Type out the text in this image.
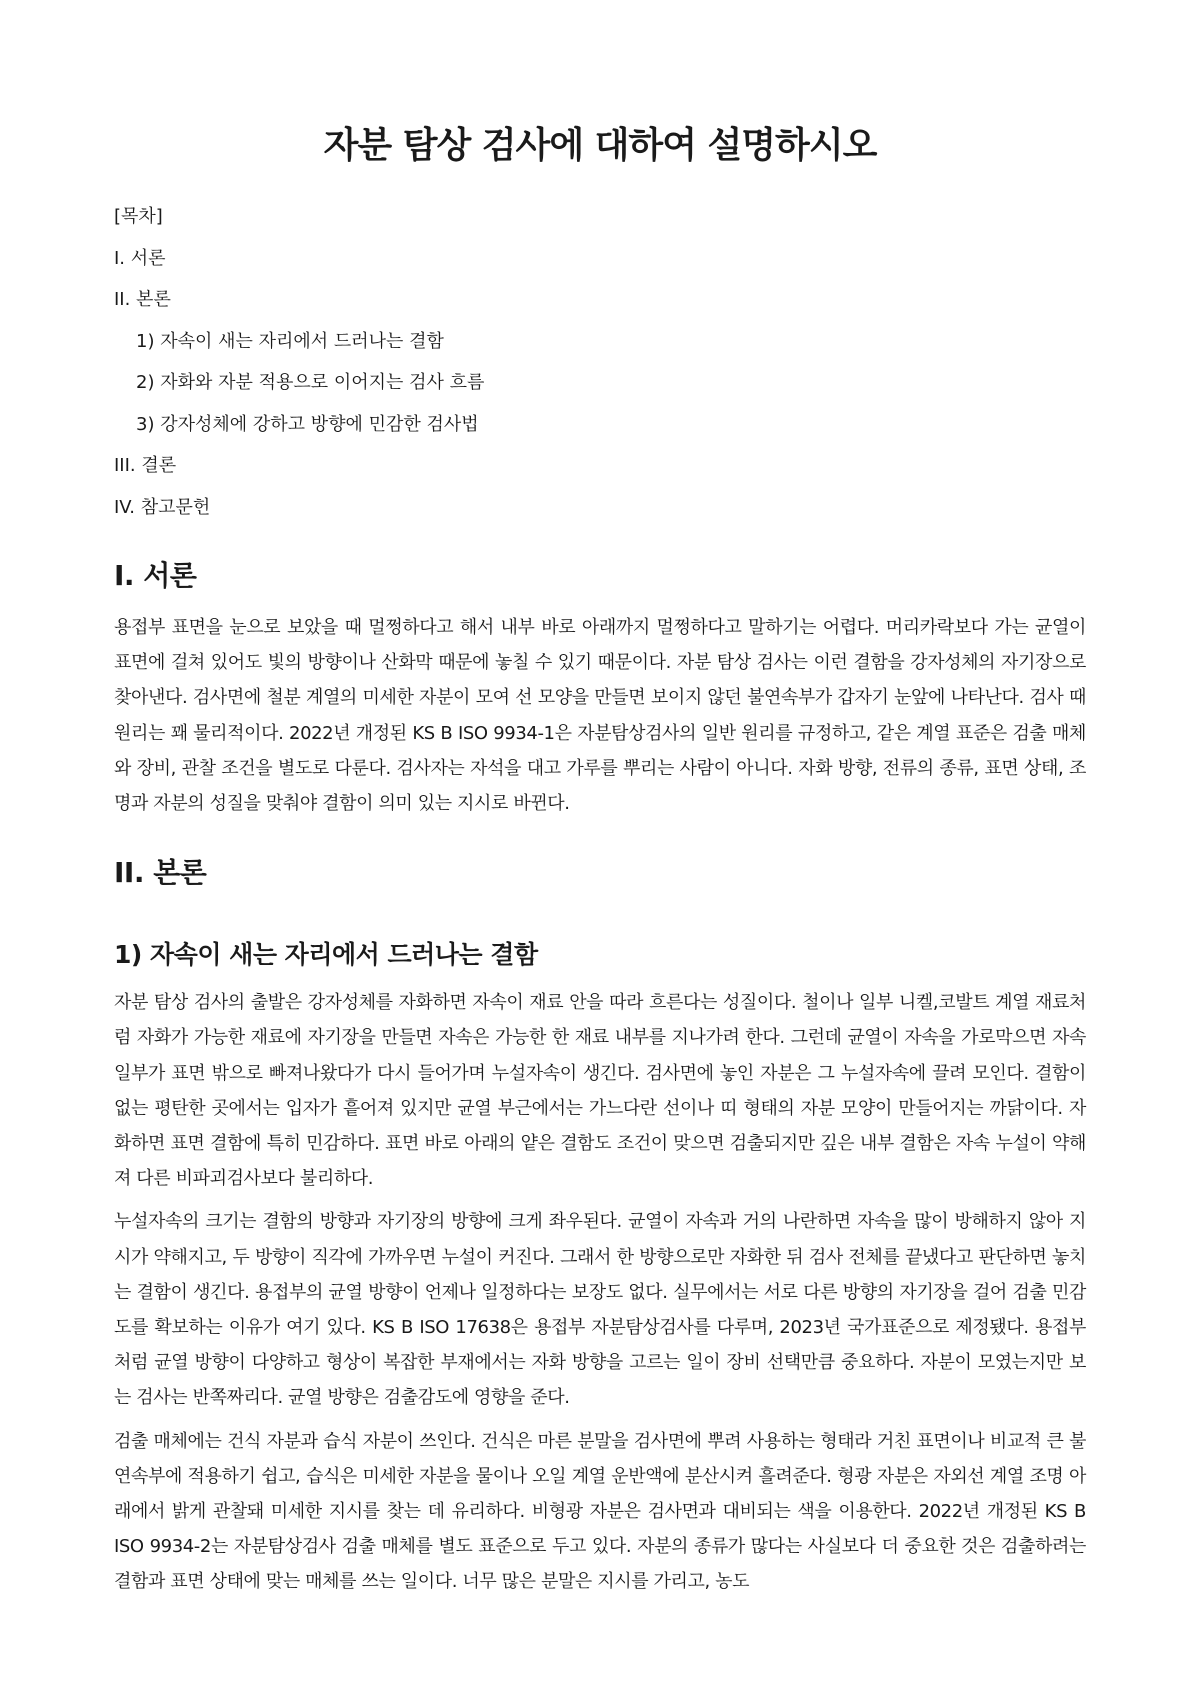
자분 탐상 검사에 대하여 설명하시오
[목차]
I. 서론
II. 본론
1) 자속이 새는 자리에서 드러나는 결함
2) 자화와 자분 적용으로 이어지는 검사 흐름
3) 강자성체에 강하고 방향에 민감한 검사법
III. 결론
IV. 참고문헌
I. 서론

용접부 표면을 눈으로 보았을 때 멀쩡하다고 해서 내부 바로 아래까지 멀쩡하다고 말하기는 어렵다. 머리카락보다 가는 균열이 표면에 걸쳐 있어도 빛의 방향이나 산화막 때문에 놓칠 수 있기 때문이다. 자분 탐상 검사는 이런 결함을 강자성체의 자기장으로 찾아낸다. 검사면에 철분 계열의 미세한 자분이 모여 선 모양을 만들면 보이지 않던 불연속부가 갑자기 눈앞에 나타난다. 검사 때 원리는 꽤 물리적이다. 2022년 개정된 KS B ISO 9934-1은 자분탐상검사의 일반 원리를 규정하고, 같은 계열 표준은 검출 매체와 장비, 관찰 조건을 별도로 다룬다. 검사자는 자석을 대고 가루를 뿌리는 사람이 아니다. 자화 방향, 전류의 종류, 표면 상태, 조명과 자분의 성질을 맞춰야 결함이 의미 있는 지시로 바뀐다.

II. 본론
1) 자속이 새는 자리에서 드러나는 결함

자분 탐상 검사의 출발은 강자성체를 자화하면 자속이 재료 안을 따라 흐른다는 성질이다. 철이나 일부 니켈,코발트 계열 재료처럼 자화가 가능한 재료에 자기장을 만들면 자속은 가능한 한 재료 내부를 지나가려 한다. 그런데 균열이 자속을 가로막으면 자속 일부가 표면 밖으로 빠져나왔다가 다시 들어가며 누설자속이 생긴다. 검사면에 놓인 자분은 그 누설자속에 끌려 모인다. 결함이 없는 평탄한 곳에서는 입자가 흩어져 있지만 균열 부근에서는 가느다란 선이나 띠 형태의 자분 모양이 만들어지는 까닭이다. 자화하면 표면 결함에 특히 민감하다. 표면 바로 아래의 얕은 결함도 조건이 맞으면 검출되지만 깊은 내부 결함은 자속 누설이 약해져 다른 비파괴검사보다 불리하다.

누설자속의 크기는 결함의 방향과 자기장의 방향에 크게 좌우된다. 균열이 자속과 거의 나란하면 자속을 많이 방해하지 않아 지시가 약해지고, 두 방향이 직각에 가까우면 누설이 커진다. 그래서 한 방향으로만 자화한 뒤 검사 전체를 끝냈다고 판단하면 놓치는 결함이 생긴다. 용접부의 균열 방향이 언제나 일정하다는 보장도 없다. 실무에서는 서로 다른 방향의 자기장을 걸어 검출 민감도를 확보하는 이유가 여기 있다. KS B ISO 17638은 용접부 자분탐상검사를 다루며, 2023년 국가표준으로 제정됐다. 용접부처럼 균열 방향이 다양하고 형상이 복잡한 부재에서는 자화 방향을 고르는 일이 장비 선택만큼 중요하다. 자분이 모였는지만 보는 검사는 반쪽짜리다. 균열 방향은 검출감도에 영향을 준다.

검출 매체에는 건식 자분과 습식 자분이 쓰인다. 건식은 마른 분말을 검사면에 뿌려 사용하는 형태라 거친 표면이나 비교적 큰 불연속부에 적용하기 쉽고, 습식은 미세한 자분을 물이나 오일 계열 운반액에 분산시켜 흘려준다. 형광 자분은 자외선 계열 조명 아래에서 밝게 관찰돼 미세한 지시를 찾는 데 유리하다. 비형광 자분은 검사면과 대비되는 색을 이용한다. 2022년 개정된 KS B ISO 9934-2는 자분탐상검사 검출 매체를 별도 표준으로 두고 있다. 자분의 종류가 많다는 사실보다 더 중요한 것은 검출하려는 결함과 표면 상태에 맞는 매체를 쓰는 일이다. 너무 많은 분말은 지시를 가리고, 농도
